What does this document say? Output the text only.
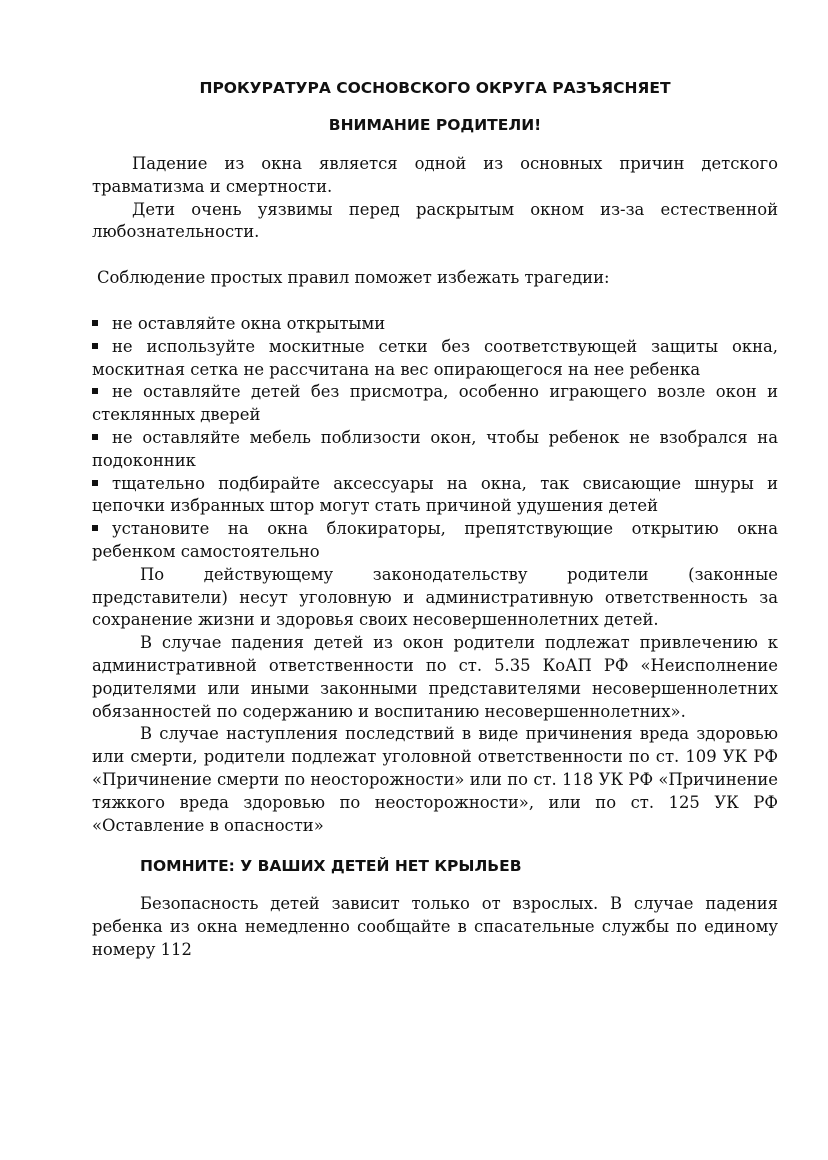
ПРОКУРАТУРА СОСНОВСКОГО ОКРУГА РАЗЪЯСНЯЕТ
ВНИМАНИЕ РОДИТЕЛИ!

Падение из окна является одной из основных причин детского травматизма и смертности.

Дети очень уязвимы перед раскрытым окном из-за естественной любознательности.

Соблюдение простых правил поможет избежать трагедии:

не оставляйте окна открытыми
не используйте москитные сетки без соответствующей защиты окна, москитная сетка не рассчитана на вес опирающегося на нее ребенка
не оставляйте детей без присмотра, особенно играющего возле окон и стеклянных дверей
не оставляйте мебель поблизости окон, чтобы ребенок не взобрался на подоконник
тщательно подбирайте аксессуары на окна, так свисающие шнуры и цепочки избранных штор могут стать причиной удушения детей
установите на окна блокираторы, препятствующие открытию окна ребенком самостоятельно

По действующему законодательству родители (законные представители) несут уголовную и административную ответственность за сохранение жизни и здоровья своих несовершеннолетних детей.

В случае падения детей из окон родители подлежат привлечению к административной ответственности по ст. 5.35 КоАП РФ «Неисполнение родителями или иными законными представителями несовершеннолетних обязанностей по содержанию и воспитанию несовершеннолетних».

В случае наступления последствий в виде причинения вреда здоровью или смерти, родители подлежат уголовной ответственности по ст. 109 УК РФ «Причинение смерти по неосторожности» или по ст. 118 УК РФ «Причинение тяжкого вреда здоровью по неосторожности», или по ст. 125 УК РФ «Оставление в опасности»

ПОМНИТЕ: У ВАШИХ ДЕТЕЙ НЕТ КРЫЛЬЕВ

Безопасность детей зависит только от взрослых. В случае падения ребенка из окна немедленно сообщайте в спасательные службы по единому номеру 112
